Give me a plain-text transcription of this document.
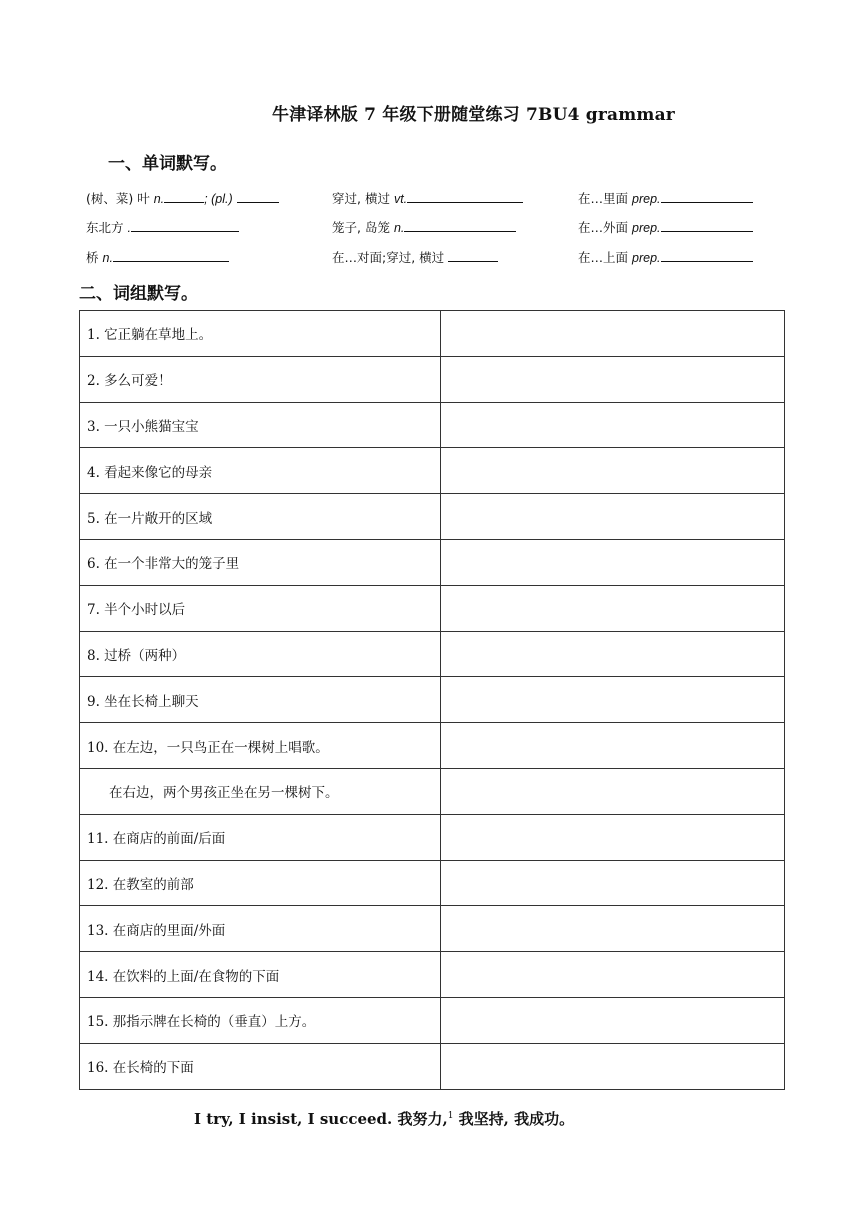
牛津译林版 7 年级下册随堂练习 7BU4 grammar
一、单词默写。
(树、菜) 叶 n.	; (pl.)	穿过, 横过 vt.	在…里面 prep.
东北方 .	笼子, 岛笼 n.	在…外面 prep.
桥 n.	在…对面;穿过, 横过	在…上面 prep.
二、词组默写。
1. 它正躺在草地上。	
2. 多么可爱！	
3. 一只小熊猫宝宝	
4. 看起来像它的母亲	
5. 在一片敞开的区域	
6. 在一个非常大的笼子里	
7. 半个小时以后	
8. 过桥（两种）	
9. 坐在长椅上聊天	
10. 在左边，一只鸟正在一棵树上唱歌。	
在右边，两个男孩正坐在另一棵树下。	
11. 在商店的前面/后面	
12. 在教室的前部	
13. 在商店的里面/外面	
14. 在饮料的上面/在食物的下面	
15. 那指示牌在长椅的（垂直）上方。	
16. 在长椅的下面	
I try, I insist, I succeed. 我努力,$^1$ 我坚持, 我成功。
